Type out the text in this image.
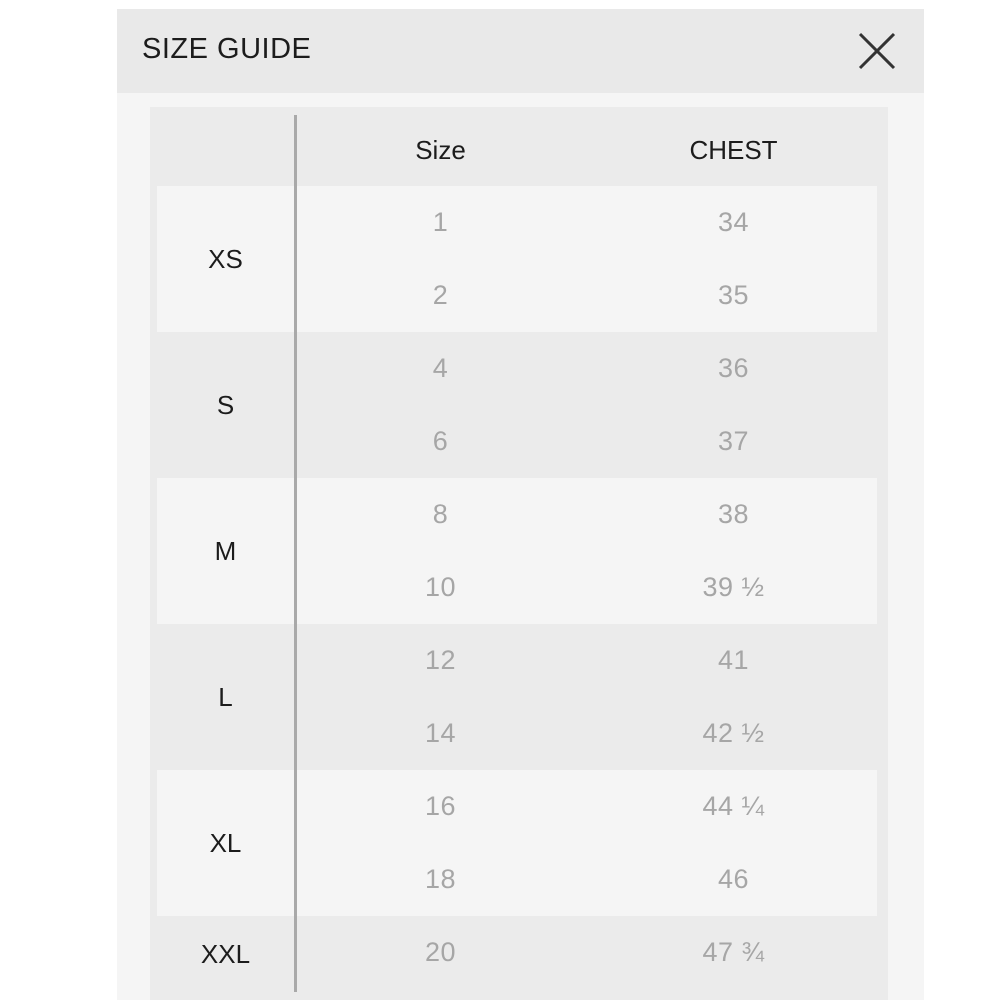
SIZE GUIDE
Size	CHEST
XS
1	34
2	35
S
4	36
6	37
M
8	38
10	39 ½
L
12	41
14	42 ½
XL
16	44 ¼
18	46
XXL	20	47 ¾
